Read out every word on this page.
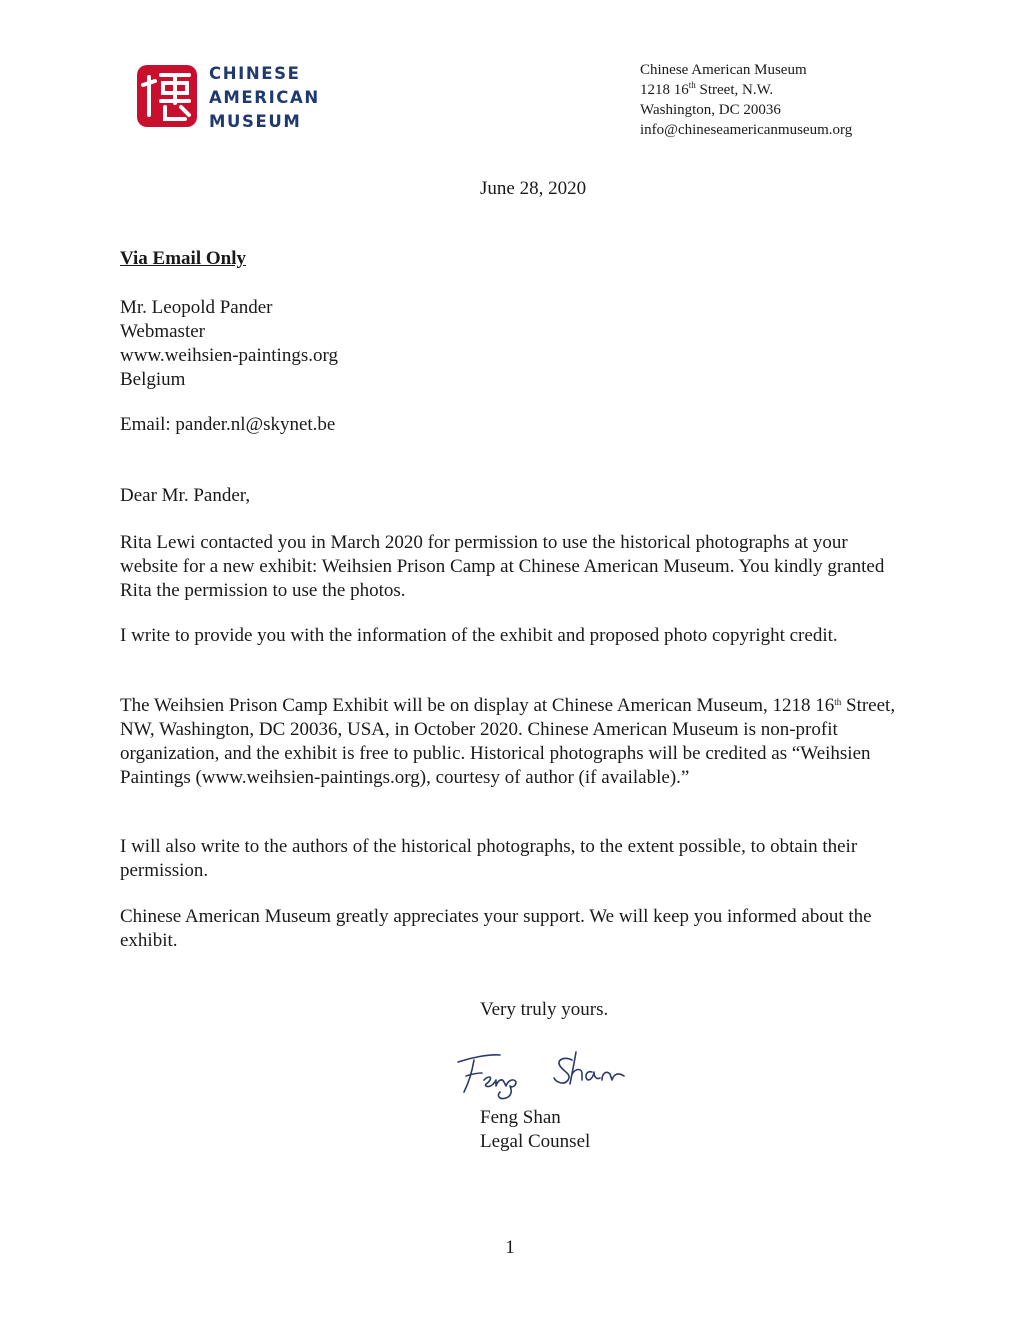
CHINESE
AMERICAN
MUSEUM
Chinese American Museum
1218 16th Street, N.W.
Washington, DC 20036
info@chineseamericanmuseum.org
June 28, 2020
Via Email Only

Mr. Leopold Pander

Webmaster

www.weihsien-paintings.org

Belgium

Email: pander.nl@skynet.be
Dear Mr. Pander,
Rita Lewi contacted you in March 2020 for permission to use the historical photographs at your website for a new exhibit: Weihsien Prison Camp at Chinese American Museum. You kindly granted Rita the permission to use the photos.
I write to provide you with the information of the exhibit and proposed photo copyright credit.
The Weihsien Prison Camp Exhibit will be on display at Chinese American Museum, 1218 16th Street, NW, Washington, DC 20036, USA, in October 2020. Chinese American Museum is non-profit organization, and the exhibit is free to public. Historical photographs will be credited as “Weihsien Paintings (www.weihsien-paintings.org), courtesy of author (if available).”
I will also write to the authors of the historical photographs, to the extent possible, to obtain their permission.
Chinese American Museum greatly appreciates your support. We will keep you informed about the exhibit.
Very truly yours.
Feng Shan
Legal Counsel
1
